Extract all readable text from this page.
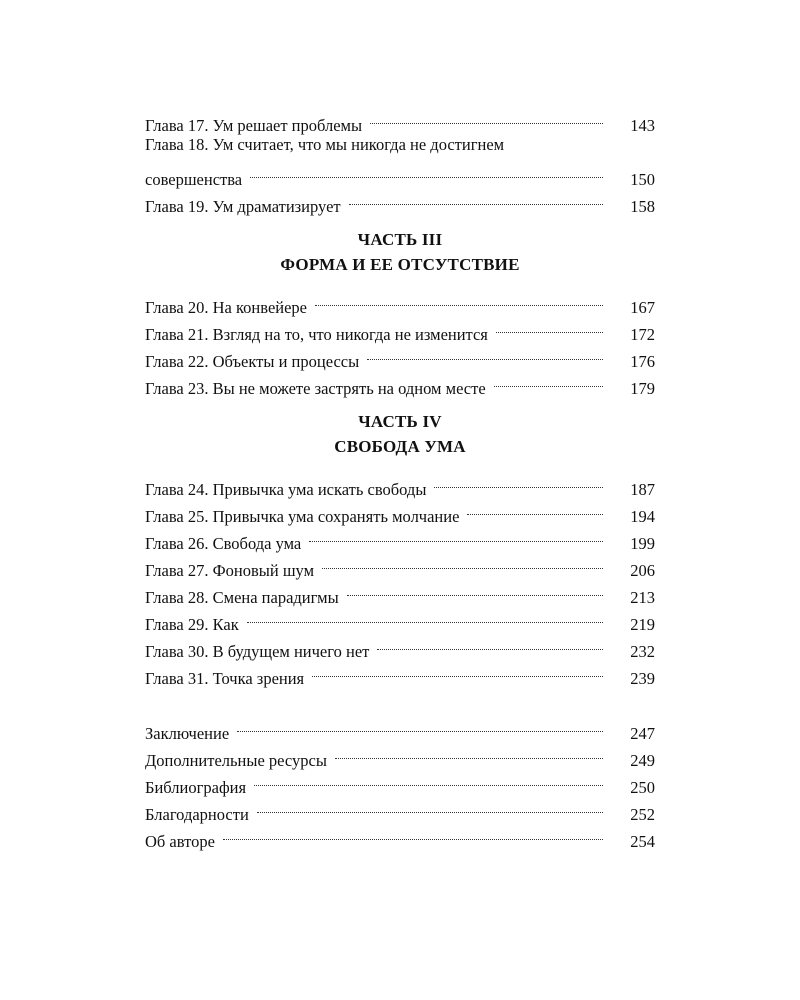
Глава 17. Ум решает проблемы	143
Глава 18. Ум считает, что мы никогда не достигнем
совершенства	150
Глава 19. Ум драматизирует	158
ЧАСТЬ III
ФОРМА И ЕЕ ОТСУТСТВИЕ
Глава 20. На конвейере	167
Глава 21. Взгляд на то, что никогда не изменится	172
Глава 22. Объекты и процессы	176
Глава 23. Вы не можете застрять на одном месте	179
ЧАСТЬ IV
СВОБОДА УМА
Глава 24. Привычка ума искать свободы	187
Глава 25. Привычка ума сохранять молчание	194
Глава 26. Свобода ума	199
Глава 27. Фоновый шум	206
Глава 28. Смена парадигмы	213
Глава 29. Как	219
Глава 30. В будущем ничего нет	232
Глава 31. Точка зрения	239
Заключение	247
Дополнительные ресурсы	249
Библиография	250
Благодарности	252
Об авторе	254
